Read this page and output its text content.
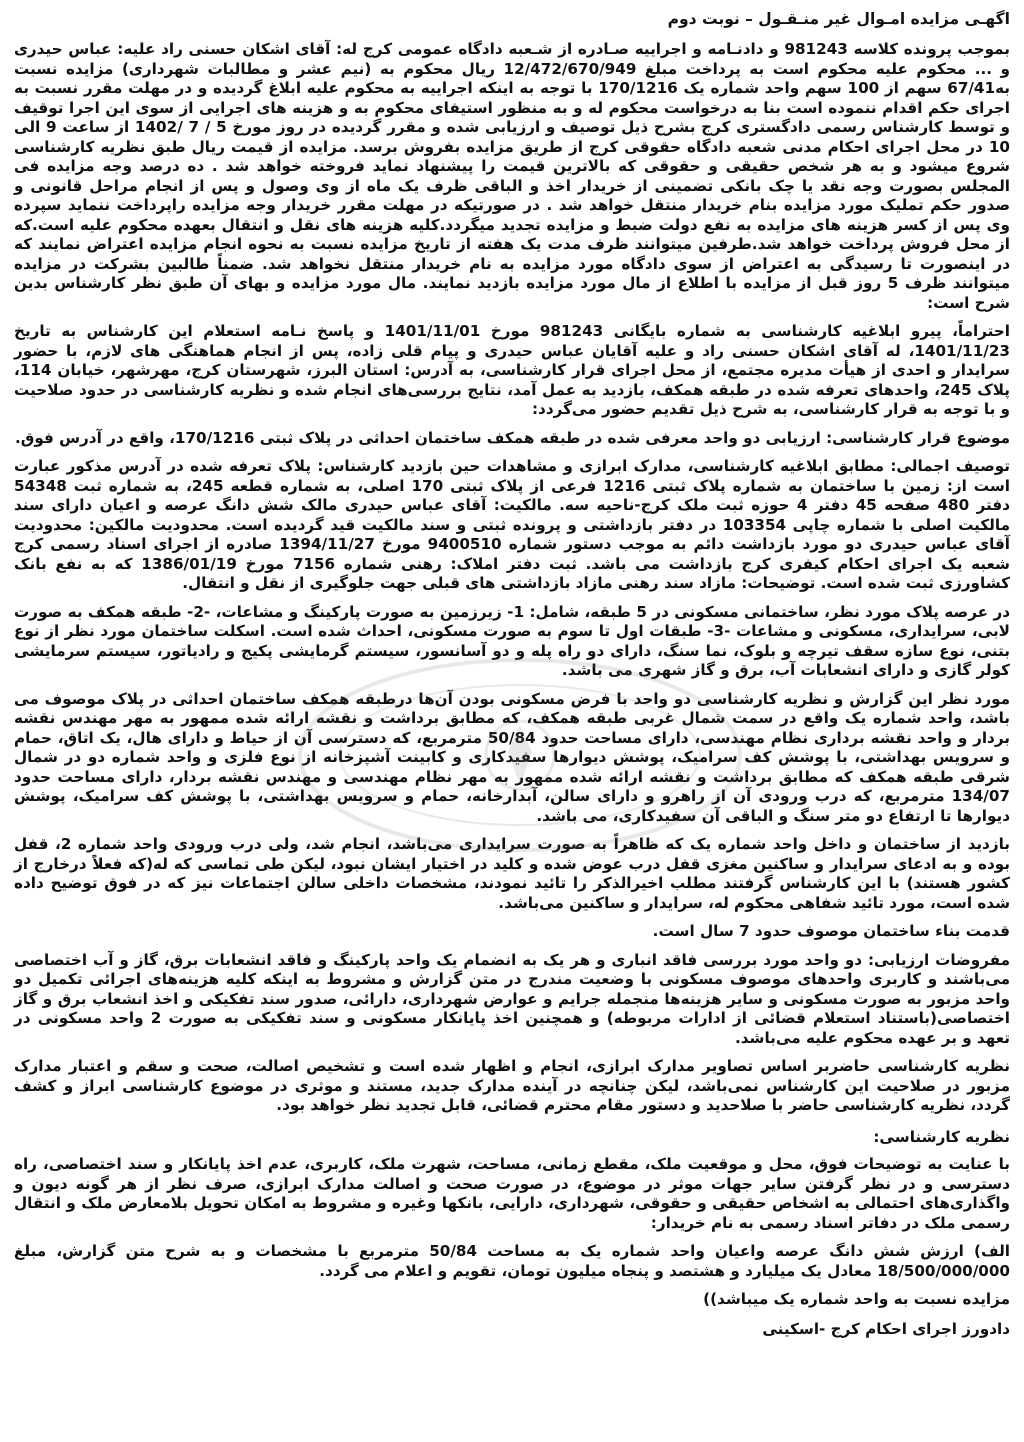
اگهـی مزایده امـوال غیر منـقـول – نوبت دوم

بموجب پرونده کلاسه 981243 و دادنـامه و اجراییه صـادره از شـعبه دادگاه عمومی کرج له: آقای اشکان حسنی راد علیه: عباس حیدری و ... محکوم علیه محکوم است به پرداخت مبلغ 12/472/670/949 ریال محکوم به (نیم عشر و مطالبات شهرداری) مزایده نسبت به67/41 سهم از 100 سهم واحد شماره یک 170/1216 با توجه به اینکه اجراییه به محکوم علیه ابلاغ گردیده و در مهلت مقرر نسبت به اجرای حکم اقدام ننموده است بنا به درخواست محکوم له و به منظور استیفای محکوم به و هزینه های اجرایی از سوی این اجرا توقیف و توسط کارشناس رسمی دادگستری کرج بشرح ذیل توصیف و ارزیابی شده و مقرر گردیده در روز مورخ 5 / 7 /1402 از ساعت 9 الی 10 در محل اجرای احکام مدنی شعبه دادگاه حقوقی کرج از طریق مزایده بفروش برسد. مزایده از قیمت ریال طبق نظریه کارشناسی شروع میشود و به هر شخص حقیقی و حقوقی که بالاترین قیمت را پیشنهاد نماید فروخته خواهد شد . ده درصد وجه مزایده فی المجلس بصورت وجه نقد یا چک بانکی تضمینی از خریدار اخذ و الباقی ظرف یک ماه از وی وصول و پس از انجام مراحل قانونی و صدور حکم تملیک مورد مزایده بنام خریدار منتقل خواهد شد . در صورتیکه در مهلت مقرر خریدار وجه مزایده راپرداخت ننماید سپرده وی پس از کسر هزینه های مزایده به نفع دولت ضبط و مزایده تجدید میگردد.کلیه هزینه های نقل و انتقال بعهده محکوم علیه است.که از محل فروش پرداخت خواهد شد.طرفین میتوانند ظرف مدت یک هفته از تاریخ مزایده نسبت به نحوه انجام مزایده اعتراض نمایند که در اینصورت تا رسیدگی به اعتراض از سوی دادگاه مورد مزایده به نام خریدار منتقل نخواهد شد. ضمناً طالبین بشرکت در مزایده میتوانند ظرف 5 روز قبل از مزایده با اطلاع از مال مورد مزایده بازدید نمایند. مال مورد مزایده و بهای آن طبق نظر کارشناس بدین شرح است:

احتراماً، پیرو ابلاغیه کارشناسی به شماره بایگانی 981243 مورخ 1401/11/01 و پاسخ نـامه استعلام این کارشناس به تاریخ 1401/11/23، له آقای اشکان حسنی راد و علیه آقایان عباس حیدری و پیام قلی زاده، پس از انجام هماهنگی های لازم، با حضور سرایدار و احدی از هیأت مدیره مجتمع، از محل اجرای قرار کارشناسی، به آدرس: استان البرز، شهرستان کرج، مهرشهر، خیابان 114، پلاک 245، واحدهای تعرفه شده در طبقه همکف، بازدید به عمل آمد، نتایج بررسی‌های انجام شده و نظریه کارشناسی در حدود صلاحیت و با توجه به قرار کارشناسی، به شرح ذیل تقدیم حضور می‌گردد:

موضوع قرار کارشناسی: ارزیابی دو واحد معرفی شده در طبقه همکف ساختمان احداثی در پلاک ثبتی 170/1216، واقع در آدرس فوق.

توصیف اجمالی: مطابق ابلاغیه کارشناسی، مدارک ابرازی و مشاهدات حین بازدید کارشناس: پلاک تعرفه شده در آدرس مذکور عبارت است از: زمین با ساختمان به شماره پلاک ثبتی 1216 فرعی از پلاک ثبتی 170 اصلی، به شماره قطعه 245، به شماره ثبت 54348 دفتر 480 صفحه 45 دفتر 4 حوزه ثبت ملک کرج-ناحیه سه. مالکیت: آقای عباس حیدری مالک شش دانگ عرصه و اعیان دارای سند مالکیت اصلی با شماره چاپی 103354 در دفتر بازداشتی و پرونده ثبتی و سند مالکیت قید گردیده است. محدودیت مالکین: محدودیت آقای عباس حیدری دو مورد بازداشت دائم به موجب دستور شماره 9400510 مورخ 1394/11/27 صادره از اجرای اسناد رسمی کرج شعبه یک اجرای احکام کیفری کرج بازداشت می باشد. ثبت دفتر املاک: رهنی شماره 7156 مورخ 1386/01/19 که به نفع بانک کشاورزی ثبت شده است. توضیحات: مازاد سند رهنی مازاد بازداشتی های قبلی جهت جلوگیری از نقل و انتقال.

در عرصه پلاک مورد نظر، ساختمانی مسکونی در 5 طبقه، شامل: 1- زیرزمین به صورت پارکینگ و مشاعات، -2- طبقه همکف به صورت لابی، سرایداری، مسکونی و مشاعات -3- طبقات اول تا سوم به صورت مسکونی، احداث شده است. اسکلت ساختمان مورد نظر از نوع بتنی، نوع سازه سقف تیرچه و بلوک، نما سنگ، دارای دو راه پله و دو آسانسور، سیستم گرمایشی پکیج و رادیاتور، سیستم سرمایشی کولر گازی و دارای انشعابات آب، برق و گاز شهری می باشد.

مورد نظر این گزارش و نظریه کارشناسی دو واحد با فرض مسکونی بودن آن‌ها درطبقه همکف ساختمان احداثی در پلاک موصوف می باشد، واحد شماره یک واقع در سمت شمال غربی طبقه همکف، که مطابق برداشت و نقشه ارائه شده ممهور به مهر مهندس نقشه بردار و واحد نقشه برداری نظام مهندسی، دارای مساحت حدود 50/84 مترمربع، که دسترسی آن از حیاط و دارای هال، یک اتاق، حمام و سرویس بهداشتی، با پوشش کف سرامیک، پوشش دیوارها سفیدکاری و کابینت آشپزخانه از نوع فلزی و واحد شماره دو در شمال شرقی طبقه همکف که مطابق برداشت و نقشه ارائه شده ممهور به مهر نظام مهندسی و مهندس نقشه بردار، دارای مساحت حدود 134/07 مترمربع، که درب ورودی آن از راهرو و دارای سالن، آبدارخانه، حمام و سرویس بهداشتی، با پوشش کف سرامیک، پوشش دیوارها تا ارتفاع دو متر سنگ و الباقی آن سفیدکاری، می باشد.

بازدید از ساختمان و داخل واحد شماره یک که ظاهراً به صورت سرایداری می‌باشد، انجام شد، ولی درب ورودی واحد شماره 2، قفل بوده و به ادعای سرایدار و ساکنین مغزی قفل درب عوض شده و کلید در اختیار ایشان نبود، لیکن طی تماسی که له(که فعلاً درخارج از کشور هستند) با این کارشناس گرفتند مطلب اخیرالذکر را تائید نمودند، مشخصات داخلی سالن اجتماعات نیز که در فوق توضیح داده شده است، مورد تائید شفاهی محکوم له، سرایدار و ساکنین می‌باشد.

قدمت بناء ساختمان موصوف حدود 7 سال است.

مفروضات ارزیابی: دو واحد مورد بررسی فاقد انباری و هر یک به انضمام یک واحد پارکینگ و فاقد انشعابات برق، گاز و آب اختصاصی می‌باشند و کاربری واحدهای موصوف مسکونی با وضعیت مندرج در متن گزارش و مشروط به اینکه کلیه هزینه‌های اجرائی تکمیل دو واحد مزبور به صورت مسکونی و سایر هزینه‌ها منجمله جرایم و عوارض شهرداری، دارائی، صدور سند تفکیکی و اخذ انشعاب برق و گاز اختصاصی(باستناد استعلام قضائی از ادارات مربوطه) و همچنین اخذ پایانکار مسکونی و سند تفکیکی به صورت 2 واحد مسکونی در تعهد و بر عهده محکوم علیه می‌باشد.

نظریه کارشناسی حاضربر اساس تصاویر مدارک ابرازی، انجام و اظهار شده است و تشخیص اصالت، صحت و سقم و اعتبار مدارک مزبور در صلاحیت این کارشناس نمی‌باشد، لیکن چنانچه در آینده مدارک جدید، مستند و موثری در موضوع کارشناسی ابراز و کشف گردد، نظریه کارشناسی حاضر با صلاحدید و دستور مقام محترم قضائی، قابل تجدید نظر خواهد بود.

نظریه کارشناسی:

با عنایت به توضیحات فوق، محل و موقعیت ملک، مقطع زمانی، مساحت، شهرت ملک، کاربری، عدم اخذ پایانکار و سند اختصاصی، راه دسترسی و در نظر گرفتن سایر جهات موثر در موضوع، در صورت صحت و اصالت مدارک ابرازی، صرف نظر از هر گونه دیون و واگذاری‌های احتمالی به اشخاص حقیقی و حقوقی، شهرداری، دارایی، بانکها وغیره و مشروط به امکان تحویل بلامعارض ملک و انتقال رسمی ملک در دفاتر اسناد رسمی به نام خریدار:

الف) ارزش شش دانگ عرصه واعیان واحد شماره یک به مساحت 50/84 مترمربع با مشخصات و به شرح متن گزارش، مبلغ 18/500/000/000 معادل یک میلیارد و هشتصد و پنجاه میلیون تومان، تقویم و اعلام می گردد.

مزایده نسبت به واحد شماره یک میباشد))

دادورز اجرای احکام کرج -اسکینی
